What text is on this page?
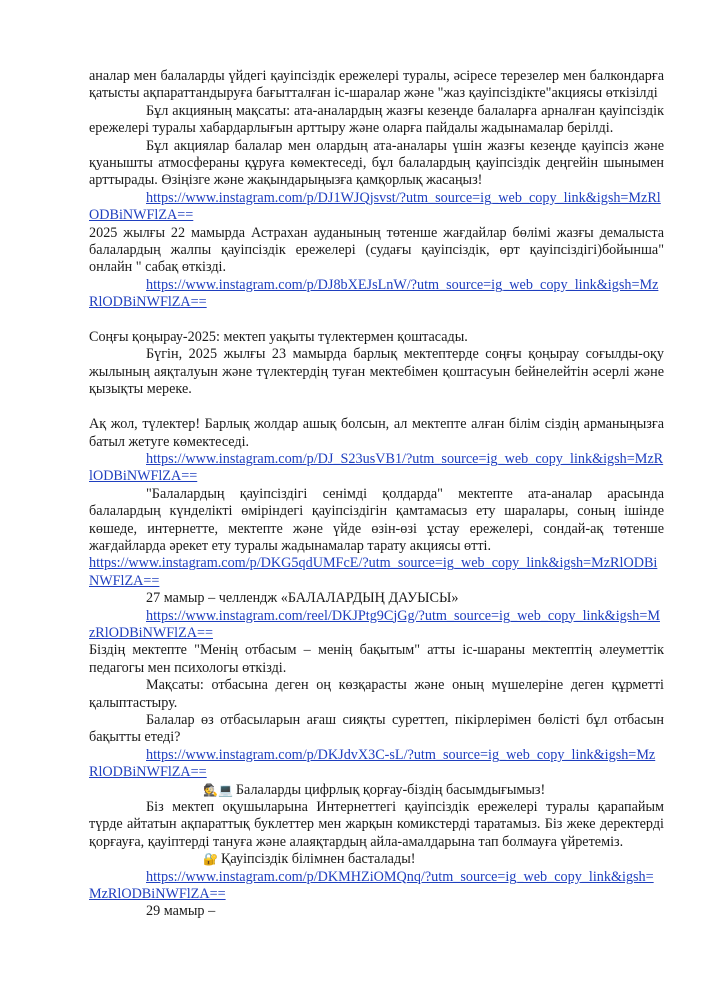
аналар мен балаларды үйдегі қауіпсіздік ережелері туралы, әсіресе терезелер мен балкондарға қатысты ақпараттандыруға бағытталған іс-шаралар және "жаз қауіпсіздікте"акциясы өткізілді
Бұл акцияның мақсаты: ата-аналардың жазғы кезеңде балаларға арналған қауіпсіздік ережелері туралы хабардарлығын арттыру және оларға пайдалы жадынамалар берілді.
Бұл акциялар балалар мен олардың ата-аналары үшін жазғы кезеңде қауіпсіз және қуанышты атмосфераны құруға көмектеседі, бұл балалардың қауіпсіздік деңгейін шынымен арттырады. Өзіңізге және жақындарыңызға қамқорлық жасаңыз!
https://www.instagram.com/p/DJ1WJQjsvst/?utm_source=ig_web_copy_link&igsh=MzRlODBiNWFlZA==
2025 жылғы 22 мамырда Астрахан ауданының төтенше жағдайлар бөлімі жазғы демалыста балалардың жалпы қауіпсіздік ережелері (судағы қауіпсіздік, өрт қауіпсіздігі)бойынша" онлайн " сабақ өткізді.
https://www.instagram.com/p/DJ8bXEJsLnW/?utm_source=ig_web_copy_link&igsh=MzRlODBiNWFlZA==
Соңғы қоңырау-2025: мектеп уақыты түлектермен қоштасады.
Бүгін, 2025 жылғы 23 мамырда барлық мектептерде соңғы қоңырау соғылды-оқу жылының аяқталуын және түлектердің туған мектебімен қоштасуын бейнелейтін әсерлі және қызықты мереке.
Ақ жол, түлектер! Барлық жолдар ашық болсын, ал мектепте алған білім сіздің арманыңызға батыл жетуге көмектеседі.
https://www.instagram.com/p/DJ_S23usVB1/?utm_source=ig_web_copy_link&igsh=MzRlODBiNWFlZA==
"Балалардың қауіпсіздігі сенімді қолдарда" мектепте ата-аналар арасында балалардың күнделікті өміріндегі қауіпсіздігін қамтамасыз ету шаралары, соның ішінде көшеде, интернетте, мектепте және үйде өзін-өзі ұстау ережелері, сондай-ақ төтенше жағдайларда әрекет ету туралы жадынамалар тарату акциясы өтті.
https://www.instagram.com/p/DKG5qdUMFcE/?utm_source=ig_web_copy_link&igsh=MzRlODBiNWFlZA==
27 мамыр – челлендж «БАЛАЛАРДЫҢ ДАУЫСЫ»
https://www.instagram.com/reel/DKJPtg9CjGg/?utm_source=ig_web_copy_link&igsh=MzRlODBiNWFlZA==
Біздің мектепте "Менің отбасым – менің бақытым" атты іс-шараны мектептің әлеуметтік педагогы мен психологы өткізді.
Мақсаты: отбасына деген оң көзқарасты және оның мүшелеріне деген құрметті қалыптастыру.
Балалар өз отбасыларын ағаш сияқты суреттеп, пікірлерімен бөлісті бұл отбасын бақытты етеді?
https://www.instagram.com/p/DKJdvX3C-sL/?utm_source=ig_web_copy_link&igsh=MzRlODBiNWFlZA==
🕵️💻 Балаларды цифрлық қорғау-біздің басымдығымыз!
Біз мектеп оқушыларына Интернеттегі қауіпсіздік ережелері туралы қарапайым түрде айтатын ақпараттық буклеттер мен жарқын комикстерді таратамыз. Біз жеке деректерді қорғауға, қауіптерді тануға және алаяқтардың айла-амалдарына тап болмауға үйретеміз.
🔐 Қауіпсіздік білімнен басталады!
https://www.instagram.com/p/DKMHZiOMQnq/?utm_source=ig_web_copy_link&igsh=MzRlODBiNWFlZA==
29 мамыр –
